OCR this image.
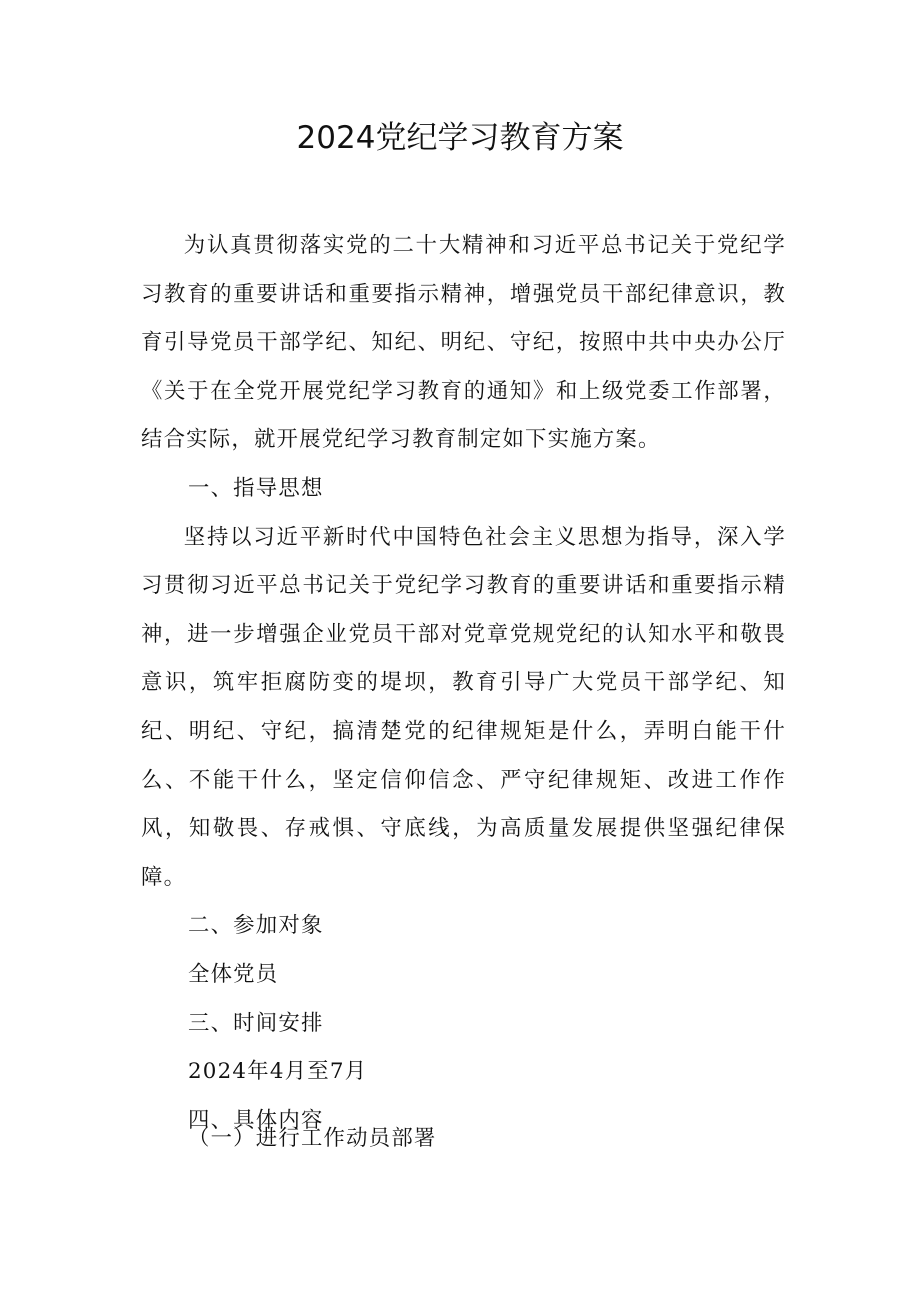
2024党纪学习教育方案

为认真贯彻落实党的二十大精神和习近平总书记关于党纪学习教育的重要讲话和重要指示精神，增强党员干部纪律意识，教育引导党员干部学纪、知纪、明纪、守纪，按照中共中央办公厅《关于在全党开展党纪学习教育的通知》和上级党委工作部署，结合实际，就开展党纪学习教育制定如下实施方案。

一、指导思想

坚持以习近平新时代中国特色社会主义思想为指导，深入学习贯彻习近平总书记关于党纪学习教育的重要讲话和重要指示精神，进一步增强企业党员干部对党章党规党纪的认知水平和敬畏意识，筑牢拒腐防变的堤坝，教育引导广大党员干部学纪、知纪、明纪、守纪，搞清楚党的纪律规矩是什么，弄明白能干什么、不能干什么，坚定信仰信念、严守纪律规矩、改进工作作风，知敬畏、存戒惧、守底线，为高质量发展提供坚强纪律保障。

二、参加对象

全体党员

三、时间安排

2024年4月至7月

四、具体内容

（一）进行工作动员部署
